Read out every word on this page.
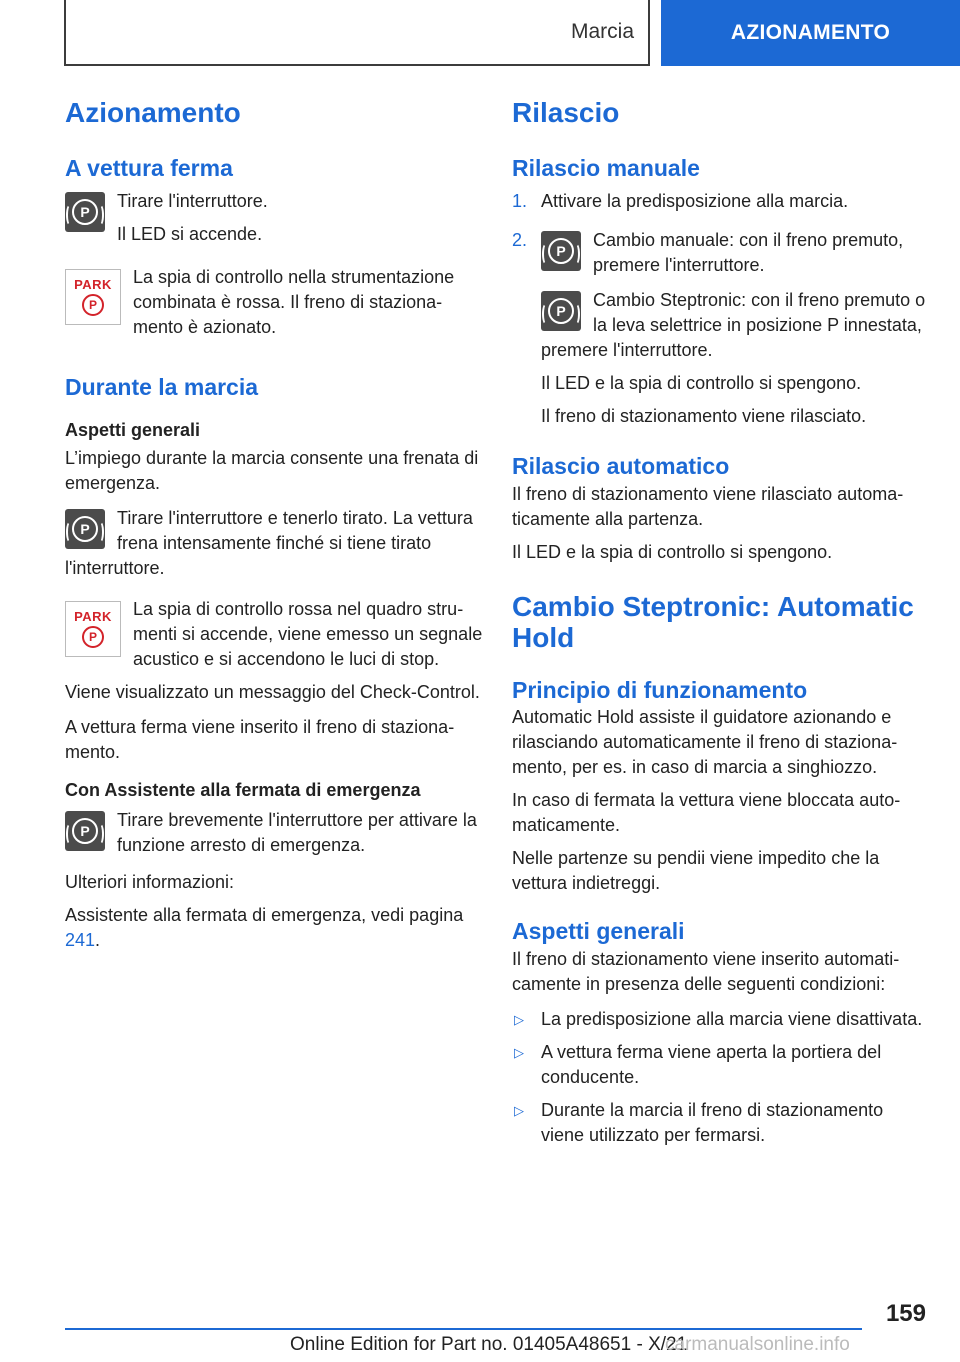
Marcia	AZIONAMENTO
Azionamento
A vettura ferma
P

Tirare l'interruttore.

Il LED si accende.

PARK
P

La spia di controllo nella strumentazione combinata è rossa. Il freno di stazionamento è azionato.

Durante la marcia
Aspetti generali

L’impiego durante la marcia consente una frenata di emergenza.

P

Tirare l'interruttore e tenerlo tirato. La vettura frena intensamente finché si tiene tirato l'interruttore.

PARK
P

La spia di controllo rossa nel quadro strumenti si accende, viene emesso un segnale acustico e si accendono le luci di stop.

Viene visualizzato un messaggio del Check-Control.

A vettura ferma viene inserito il freno di stazionamento.

Con Assistente alla fermata di emergenza
P

Tirare brevemente l'interruttore per attivare la funzione arresto di emergenza.

Ulteriori informazioni:

Assistente alla fermata di emergenza, vedi pagina 241.

Rilascio
Rilascio manuale
1. Attivare la predisposizione alla marcia.
2.
P
Cambio manuale: con il freno premuto, premere l'interruttore.
P
Cambio Steptronic: con il freno premuto o la leva selettrice in posizione P innestata, premere l'interruttore.
Il LED e la spia di controllo si spengono.
Il freno di stazionamento viene rilasciato.
Rilascio automatico

Il freno di stazionamento viene rilasciato automaticamente alla partenza.

Il LED e la spia di controllo si spengono.

Cambio Steptronic: Automatic Hold
Principio di funzionamento

Automatic Hold assiste il guidatore azionando e rilasciando automaticamente il freno di stazionamento, per es. in caso di marcia a singhiozzo.

In caso di fermata la vettura viene bloccata automaticamente.

Nelle partenze su pendii viene impedito che la vettura indietreggi.

Aspetti generali

Il freno di stazionamento viene inserito automaticamente in presenza delle seguenti condizioni:

▷ La predisposizione alla marcia viene disattivata.
▷ A vettura ferma viene aperta la portiera del conducente.
▷ Durante la marcia il freno di stazionamento viene utilizzato per fermarsi.
159
Online Edition for Part no. 01405A48651 - X/21
carmanualsonline.info
